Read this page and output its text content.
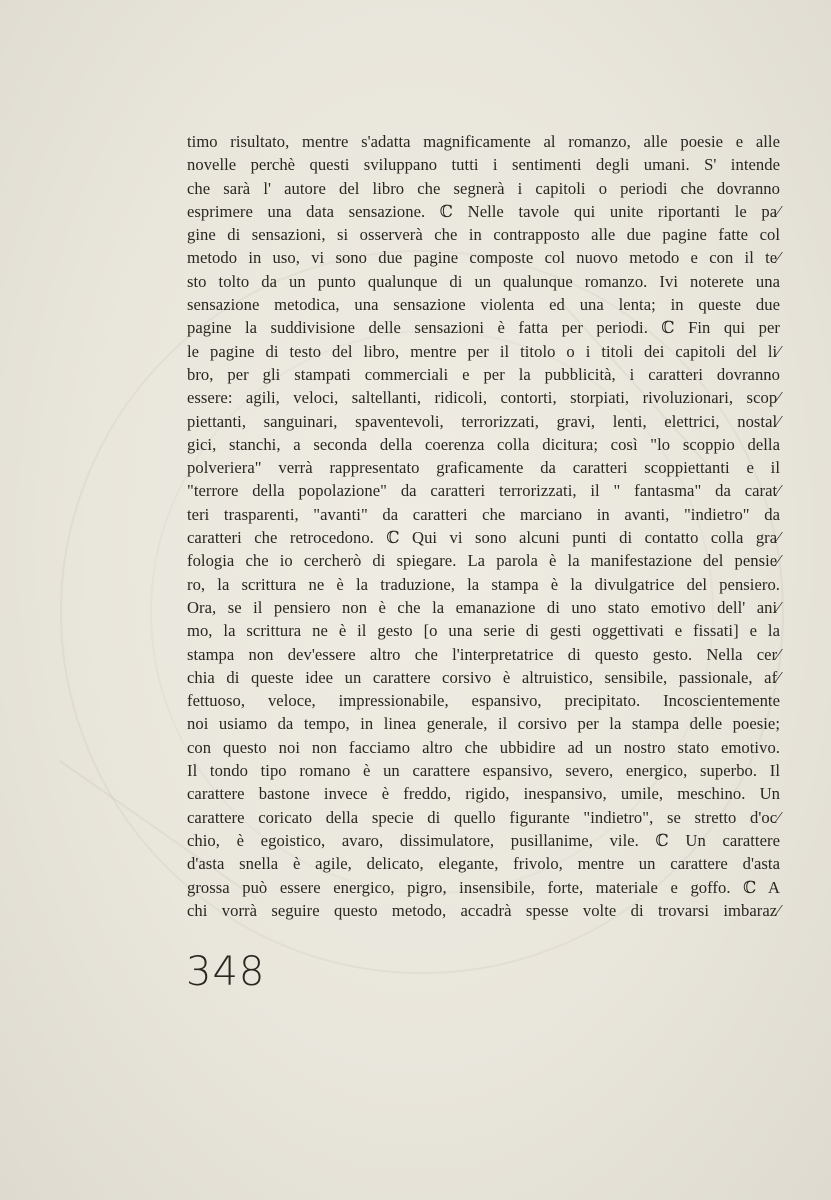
timo risultato, mentre s'adatta magnificamente al romanzo, alle poesie e alle
novelle perchè questi sviluppano tutti i sentimenti degli umani. S' intende
che sarà l' autore del libro che segnerà i capitoli o periodi che dovranno
esprimere una data sensazione. ℂ Nelle tavole qui unite riportanti le pa⁄
gine di sensazioni, si osserverà che in contrapposto alle due pagine fatte col
metodo in uso, vi sono due pagine composte col nuovo metodo e con il te⁄
sto tolto da un punto qualunque di un qualunque romanzo. Ivi noterete una
sensazione metodica, una sensazione violenta ed una lenta; in queste due
pagine la suddivisione delle sensazioni è fatta per periodi. ℂ Fin qui per
le pagine di testo del libro, mentre per il titolo o i titoli dei capitoli del li⁄
bro, per gli stampati commerciali e per la pubblicità, i caratteri dovranno
essere: agili, veloci, saltellanti, ridicoli, contorti, storpiati, rivoluzionari, scop⁄
piettanti, sanguinari, spaventevoli, terrorizzati, gravi, lenti, elettrici, nostal⁄
gici, stanchi, a seconda della coerenza colla dicitura; così "lo scoppio della
polveriera" verrà rappresentato graficamente da caratteri scoppiettanti e il
"terrore della popolazione" da caratteri terrorizzati, il " fantasma" da carat⁄
teri trasparenti, "avanti" da caratteri che marciano in avanti, "indietro" da
caratteri che retrocedono. ℂ Qui vi sono alcuni punti di contatto colla gra⁄
fologia che io cercherò di spiegare. La parola è la manifestazione del pensie⁄
ro, la scrittura ne è la traduzione, la stampa è la divulgatrice del pensiero.
Ora, se il pensiero non è che la emanazione di uno stato emotivo dell' ani⁄
mo, la scrittura ne è il gesto [o una serie di gesti oggettivati e fissati] e la
stampa non dev'essere altro che l'interpretatrice di questo gesto. Nella cer⁄
chia di queste idee un carattere corsivo è altruistico, sensibile, passionale, af⁄
fettuoso, veloce, impressionabile, espansivo, precipitato. Incoscientemente
noi usiamo da tempo, in linea generale, il corsivo per la stampa delle poesie;
con questo noi non facciamo altro che ubbidire ad un nostro stato emotivo.
Il tondo tipo romano è un carattere espansivo, severo, energico, superbo. Il
carattere bastone invece è freddo, rigido, inespansivo, umile, meschino. Un
carattere coricato della specie di quello figurante "indietro", se stretto d'oc⁄
chio, è egoistico, avaro, dissimulatore, pusillanime, vile. ℂ Un carattere
d'asta snella è agile, delicato, elegante, frivolo, mentre un carattere d'asta
grossa può essere energico, pigro, insensibile, forte, materiale e goffo. ℂ A
chi vorrà seguire questo metodo, accadrà spesse volte di trovarsi imbaraz⁄
348
